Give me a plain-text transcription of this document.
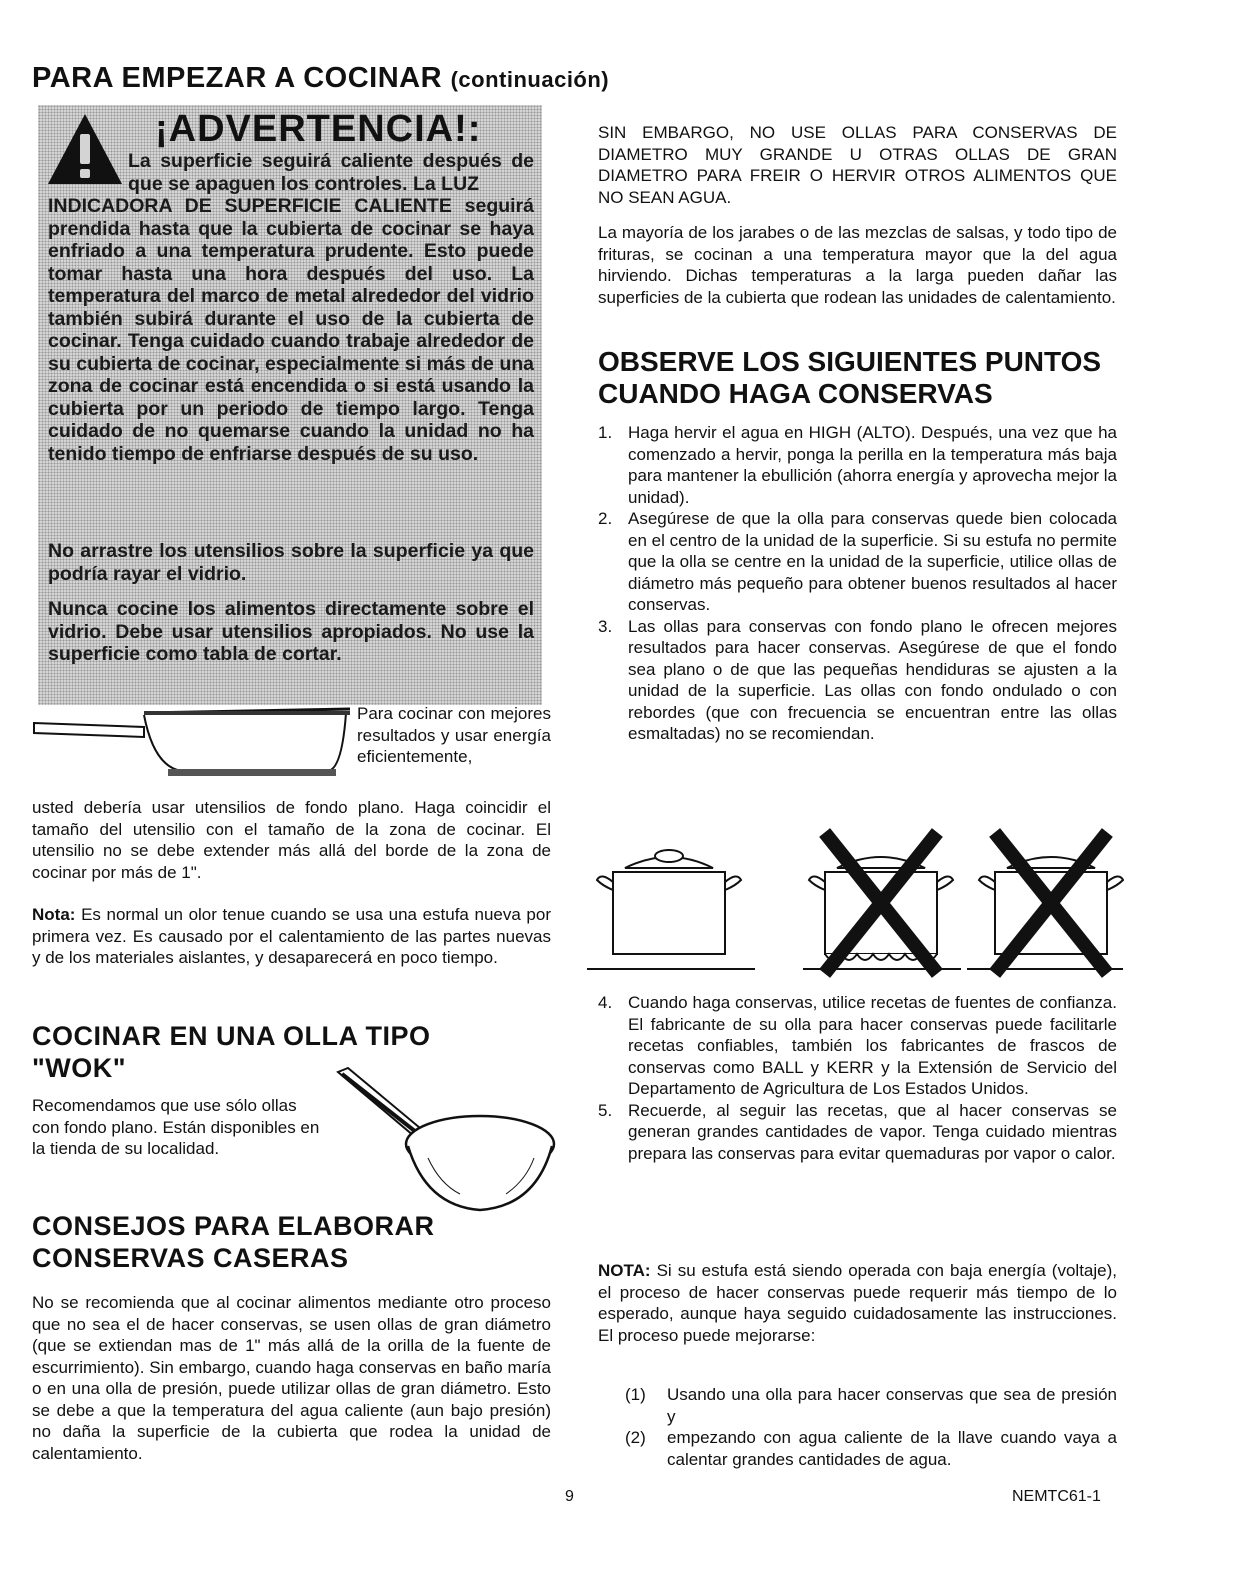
PARA EMPEZAR A COCINAR (continuación)
¡ADVERTENCIA!:
La superficie seguirá caliente después de que se apaguen los controles. La LUZ
INDICADORA DE SUPERFICIE CALIENTE seguirá prendida hasta que la cubierta de cocinar se haya enfriado a una temperatura prudente. Esto puede tomar hasta una hora después del uso. La temperatura del marco de metal alrededor del vidrio también subirá durante el uso de la cubierta de cocinar. Tenga cuidado cuando trabaje alrededor de su cubierta de cocinar, especialmente si más de una zona de cocinar está encendida o si está usando la cubierta por un periodo de tiempo largo. Tenga cuidado de no quemarse cuando la unidad no ha tenido tiempo de enfriarse después de su uso.
No arrastre los utensilios sobre la superficie ya que podría rayar el vidrio.
Nunca cocine los alimentos directamente sobre el vidrio. Debe usar utensilios apropiados. No use la superficie como tabla de cortar.
Para cocinar con mejores resultados y usar energía eficientemente,
usted debería usar utensilios de fondo plano. Haga coincidir el tamaño del utensilio con el tamaño de la zona de cocinar. El utensilio no se debe extender más allá del borde de la zona de cocinar por más de 1".
Nota: Es normal un olor tenue cuando se usa una estufa nueva por primera vez. Es causado por el calentamiento de las partes nuevas y de los materiales aislantes, y desaparecerá en poco tiempo.
COCINAR EN UNA OLLA TIPO
"WOK"
Recomendamos que use sólo ollas con fondo plano. Están disponibles en la tienda de su localidad.
CONSEJOS PARA ELABORAR
CONSERVAS CASERAS
No se recomienda que al cocinar alimentos mediante otro proceso que no sea el de hacer conservas, se usen ollas de gran diámetro (que se extiendan mas de 1" más allá de la orilla de la fuente de escurrimiento). Sin embargo, cuando haga conservas en baño maría o en una olla de presión, puede utilizar ollas de gran diámetro. Esto se debe a que la temperatura del agua caliente (aun bajo presión) no daña la superficie de la cubierta que rodea la unidad de calentamiento.
SIN EMBARGO, NO USE OLLAS PARA CONSERVAS DE DIAMETRO MUY GRANDE U OTRAS OLLAS DE GRAN DIAMETRO PARA FREIR O HERVIR OTROS ALIMENTOS QUE NO SEAN AGUA.
La mayoría de los jarabes o de las mezclas de salsas, y todo tipo de frituras, se cocinan a una temperatura mayor que la del agua hirviendo. Dichas temperaturas a la larga pueden dañar las superficies de la cubierta que rodean las unidades de calentamiento.
OBSERVE LOS SIGUIENTES PUNTOS
CUANDO HAGA CONSERVAS
1. Haga hervir el agua en HIGH (ALTO). Después, una vez que ha comenzado a hervir, ponga la perilla en la temperatura más baja para mantener la ebullición (ahorra energía y aprovecha mejor la unidad).
2. Asegúrese de que la olla para conservas quede bien colocada en el centro de la unidad de la superficie. Si su estufa no permite que la olla se centre en la unidad de la superficie, utilice ollas de diámetro más pequeño para obtener buenos resultados al hacer conservas.
3. Las ollas para conservas con fondo plano le ofrecen mejores resultados para hacer conservas. Asegúrese de que el fondo sea plano o de que las pequeñas hendiduras se ajusten a la unidad de la superficie. Las ollas con fondo ondulado o con rebordes (que con frecuencia se encuentran entre las ollas esmaltadas) no se recomiendan.
4. Cuando haga conservas, utilice recetas de fuentes de confianza. El fabricante de su olla para hacer conservas puede facilitarle recetas confiables, también los fabricantes de frascos de conservas como BALL y KERR y la Extensión de Servicio del Departamento de Agricultura de Los Estados Unidos.
5. Recuerde, al seguir las recetas, que al hacer conservas se generan grandes cantidades de vapor. Tenga cuidado mientras prepara las conservas para evitar quemaduras por vapor o calor.
NOTA: Si su estufa está siendo operada con baja energía (voltaje), el proceso de hacer conservas puede requerir más tiempo de lo esperado, aunque haya seguido cuidadosamente las instrucciones. El proceso puede mejorarse:
(1) Usando una olla para hacer conservas que sea de presión y
(2) empezando con agua caliente de la llave cuando vaya a calentar grandes cantidades de agua.
9	NEMTC61-1
